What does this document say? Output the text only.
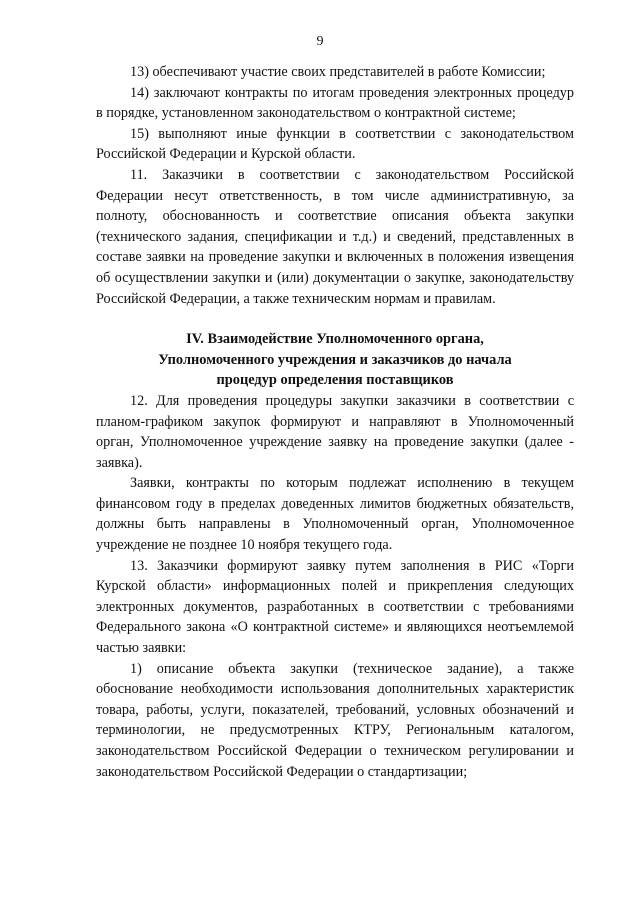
9

13) обеспечивают участие своих представителей в работе Комиссии;

14) заключают контракты по итогам проведения электронных процедур в порядке, установленном законодательством о контрактной системе;

15) выполняют иные функции в соответствии с законодательством Российской Федерации и Курской области.

11. Заказчики в соответствии с законодательством Российской Федерации несут ответственность, в том числе административную, за полноту, обоснованность и соответствие описания объекта закупки (технического задания, спецификации и т.д.) и сведений, представленных в составе заявки на проведение закупки и включенных в положения извещения об осуществлении закупки и (или) документации о закупке, законодательству Российской Федерации, а также техническим нормам и правилам.

IV. Взаимодействие Уполномоченного органа,
Уполномоченного учреждения и заказчиков до начала
процедур определения поставщиков

12. Для проведения процедуры закупки заказчики в соответствии с планом-графиком закупок формируют и направляют в Уполномоченный орган, Уполномоченное учреждение заявку на проведение закупки (далее - заявка).

Заявки, контракты по которым подлежат исполнению в текущем финансовом году в пределах доведенных лимитов бюджетных обязательств, должны быть направлены в Уполномоченный орган, Уполномоченное учреждение не позднее 10 ноября текущего года.

13. Заказчики формируют заявку путем заполнения в РИС «Торги Курской области» информационных полей и прикрепления следующих электронных документов, разработанных в соответствии с требованиями Федерального закона «О контрактной системе» и являющихся неотъемлемой частью заявки:

1) описание объекта закупки (техническое задание), а также обоснование необходимости использования дополнительных характеристик товара, работы, услуги, показателей, требований, условных обозначений и терминологии, не предусмотренных КТРУ, Региональным каталогом, законодательством Российской Федерации о техническом регулировании и законодательством Российской Федерации о стандартизации;
